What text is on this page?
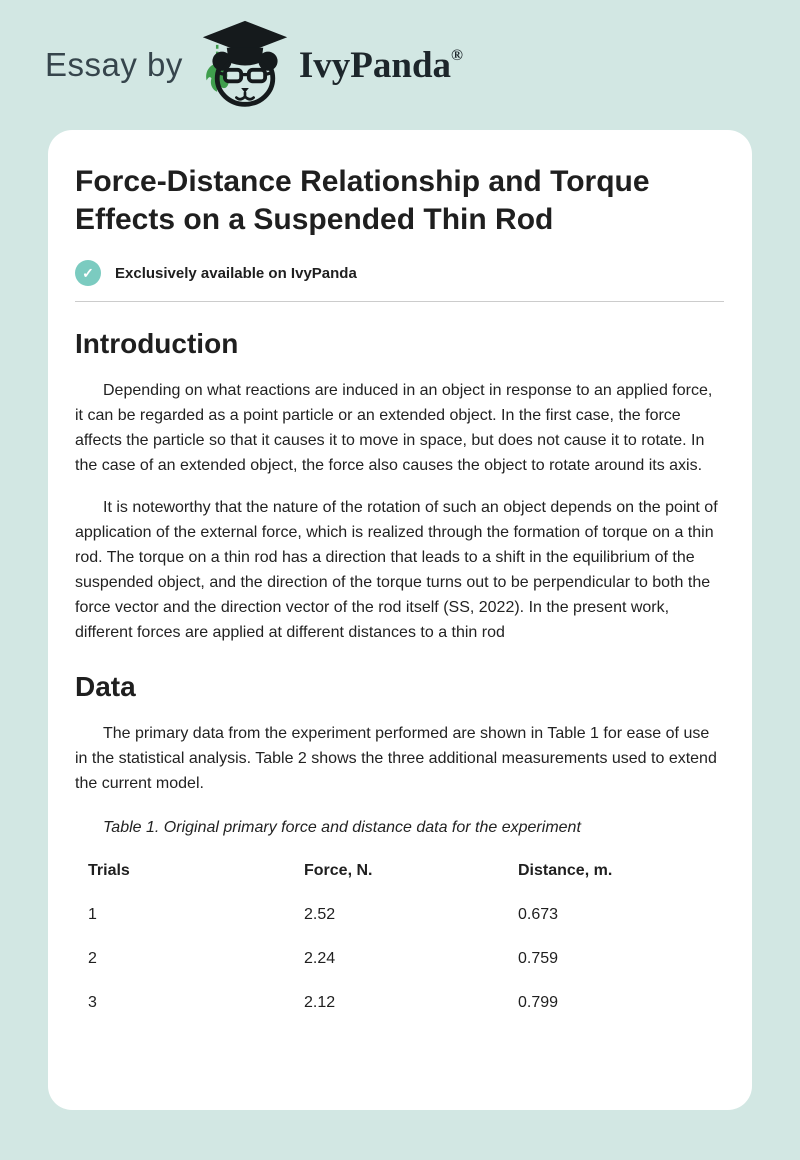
Essay by	IvyPanda ®
Force-Distance Relationship and Torque Effects on a Suspended Thin Rod
✓	Exclusively available on IvyPanda
Introduction

Depending on what reactions are induced in an object in response to an applied force, it can be regarded as a point particle or an extended object. In the first case, the force affects the particle so that it causes it to move in space, but does not cause it to rotate. In the case of an extended object, the force also causes the object to rotate around its axis.

It is noteworthy that the nature of the rotation of such an object depends on the point of application of the external force, which is realized through the formation of torque on a thin rod. The torque on a thin rod has a direction that leads to a shift in the equilibrium of the suspended object, and the direction of the torque turns out to be perpendicular to both the force vector and the direction vector of the rod itself (SS, 2022). In the present work, different forces are applied at different distances to a thin rod

Data

The primary data from the experiment performed are shown in Table 1 for ease of use in the statistical analysis. Table 2 shows the three additional measurements used to extend the current model.

Table 1. Original primary force and distance data for the experiment
Trials	Force, N.	Distance, m.
1	2.52	0.673
2	2.24	0.759
3	2.12	0.799
